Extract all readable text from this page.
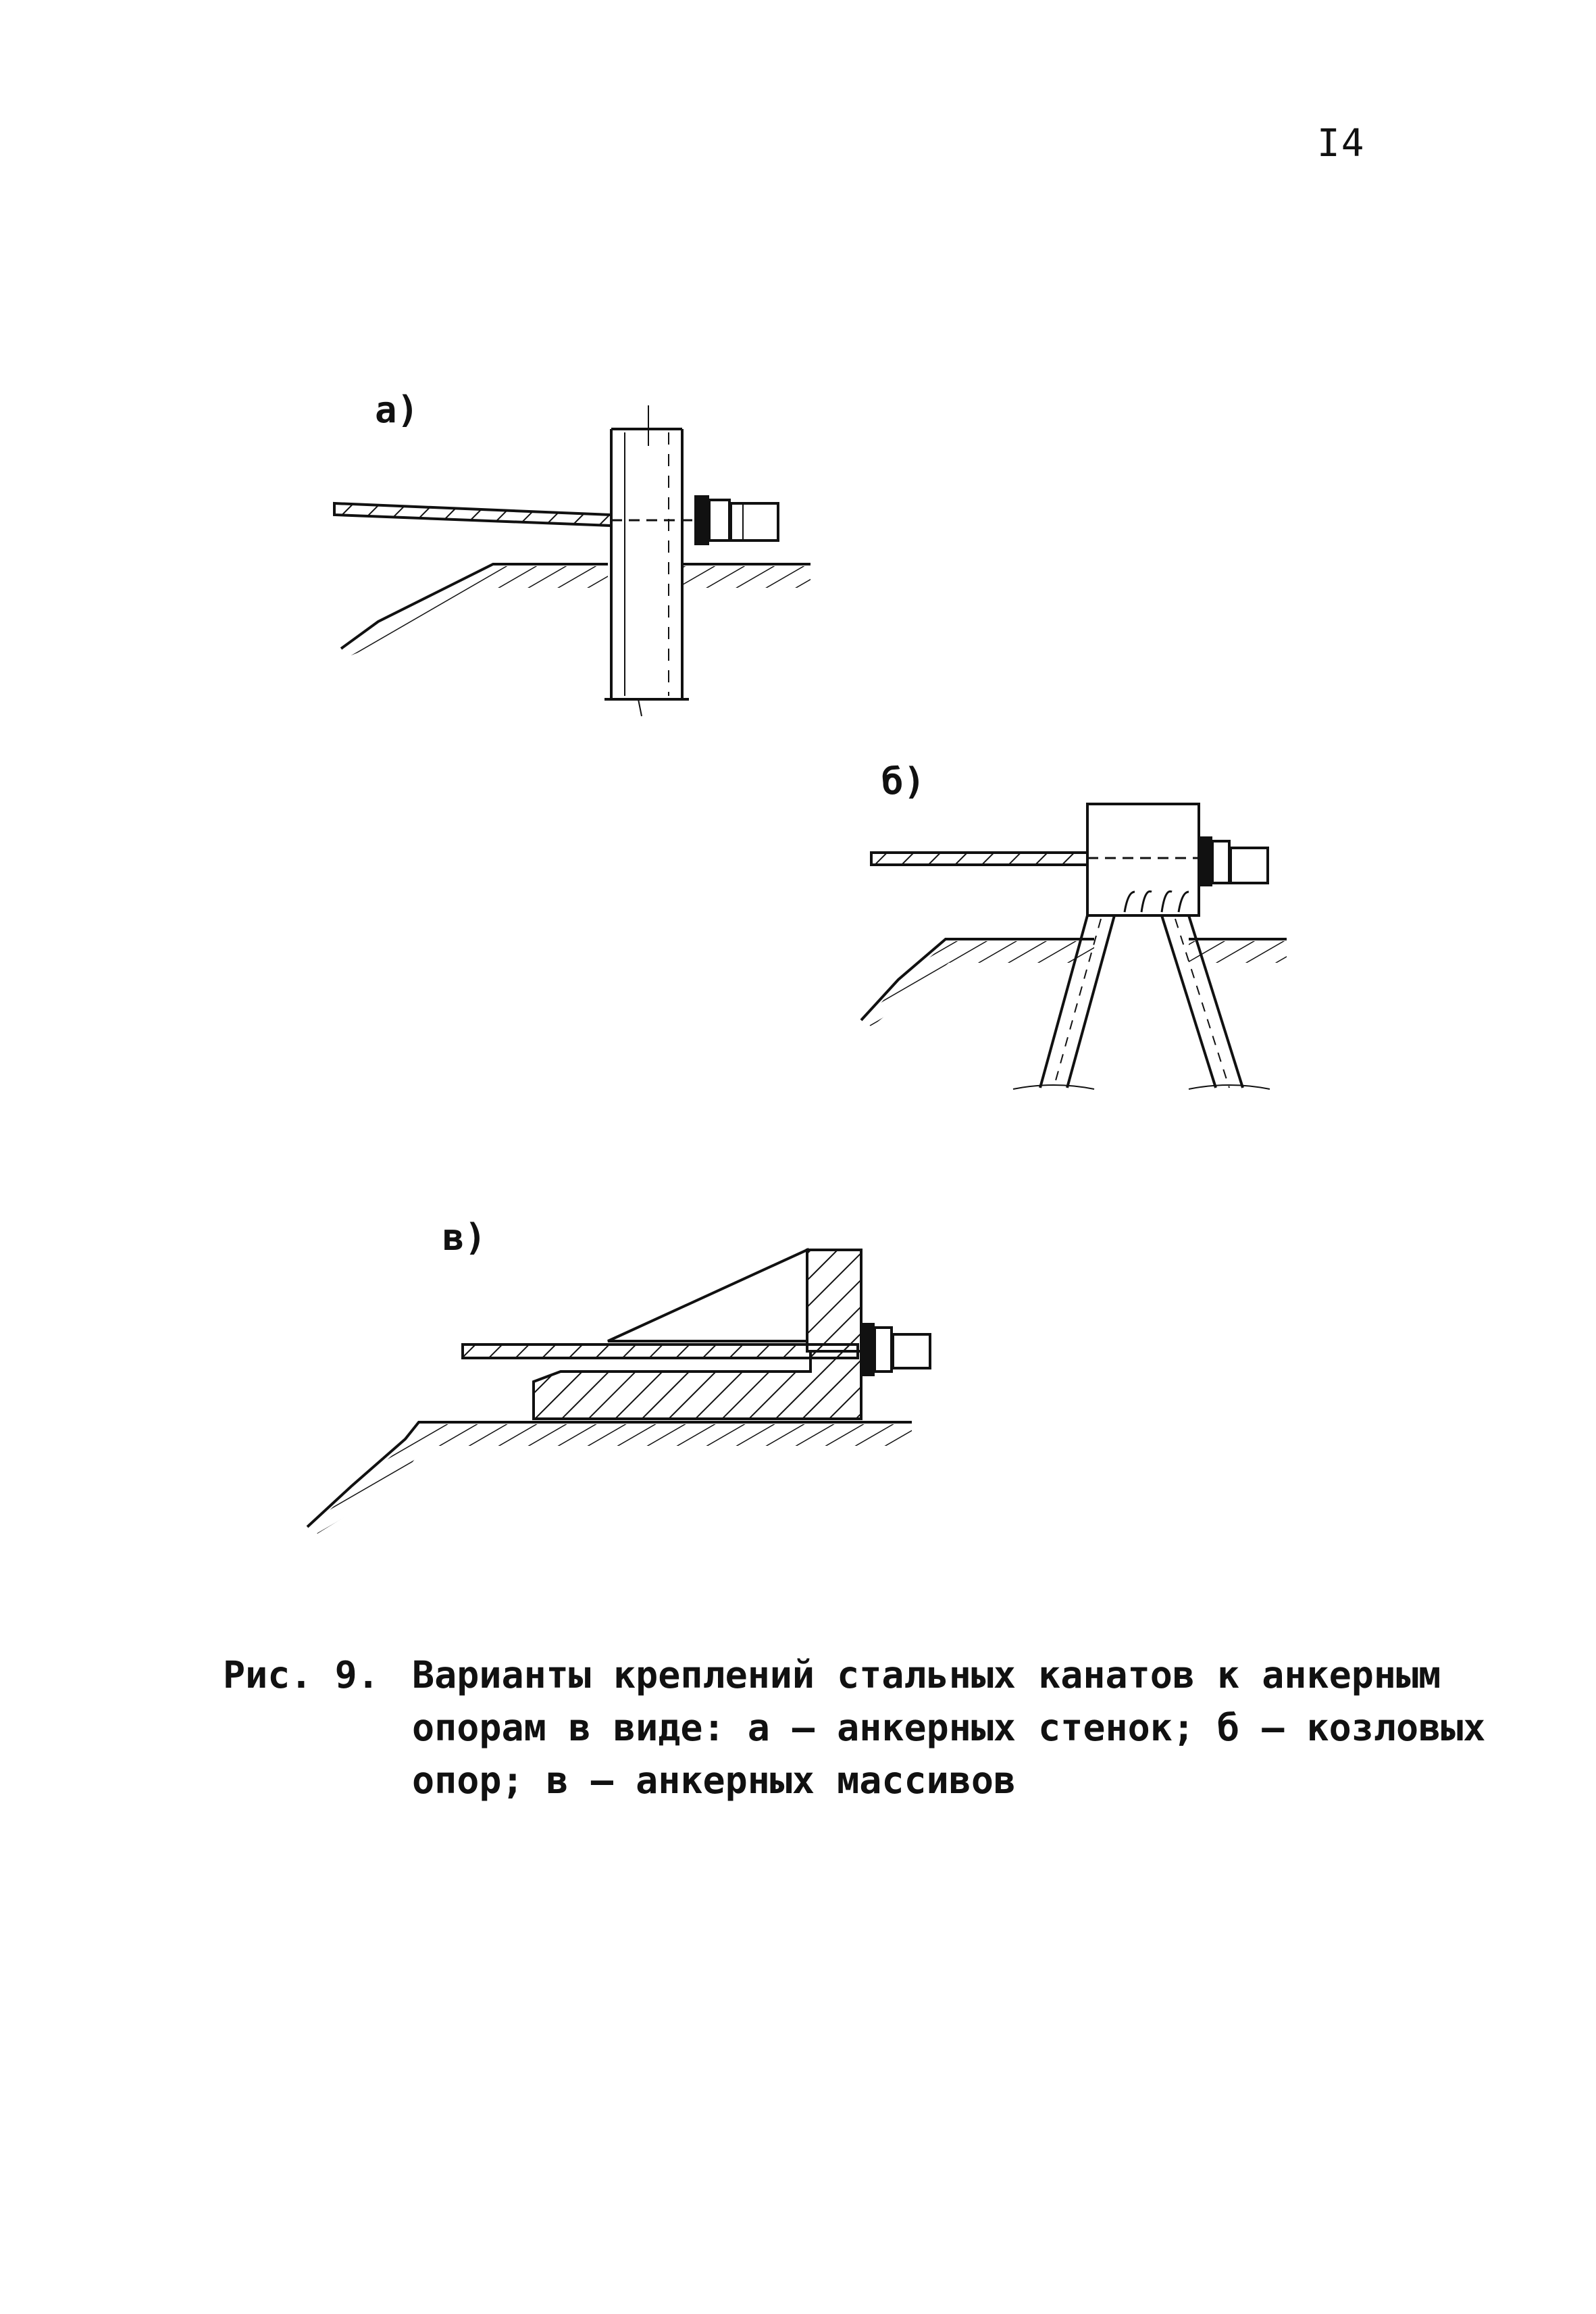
I4
а)
б)
в)
Рис. 9. Варианты креплений стальных канатов к анкерным
опорам в виде: а – анкерных стенок; б – козловых
опор; в – анкерных массивов
